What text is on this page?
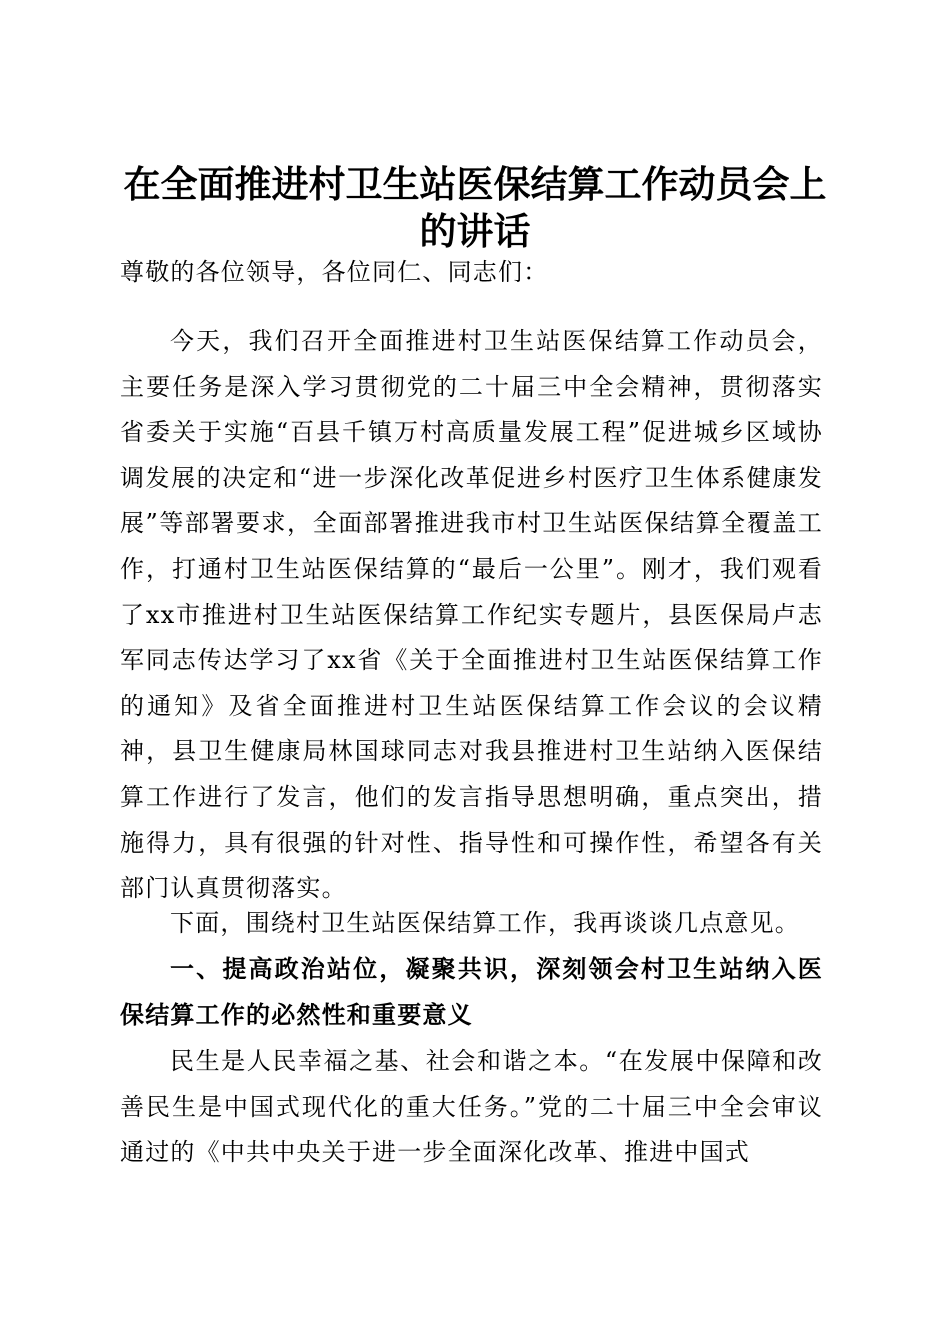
在全面推进村卫生站医保结算工作动员会上的讲话

尊敬的各位领导，各位同仁、同志们：

今天，我们召开全面推进村卫生站医保结算工作动员会，主要任务是深入学习贯彻党的二十届三中全会精神，贯彻落实省委关于实施“百县千镇万村高质量发展工程”促进城乡区域协调发展的决定和“进一步深化改革促进乡村医疗卫生体系健康发展”等部署要求，全面部署推进我市村卫生站医保结算全覆盖工作，打通村卫生站医保结算的“最后一公里”。刚才，我们观看了xx市推进村卫生站医保结算工作纪实专题片，县医保局卢志军同志传达学习了xx省《关于全面推进村卫生站医保结算工作的通知》及省全面推进村卫生站医保结算工作会议的会议精神，县卫生健康局林国球同志对我县推进村卫生站纳入医保结算工作进行了发言，他们的发言指导思想明确，重点突出，措施得力，具有很强的针对性、指导性和可操作性，希望各有关部门认真贯彻落实。

下面，围绕村卫生站医保结算工作，我再谈谈几点意见。

一、提高政治站位，凝聚共识，深刻领会村卫生站纳入医保结算工作的必然性和重要意义

民生是人民幸福之基、社会和谐之本。“在发展中保障和改善民生是中国式现代化的重大任务。”党的二十届三中全会审议通过的《中共中央关于进一步全面深化改革、推进中国式
